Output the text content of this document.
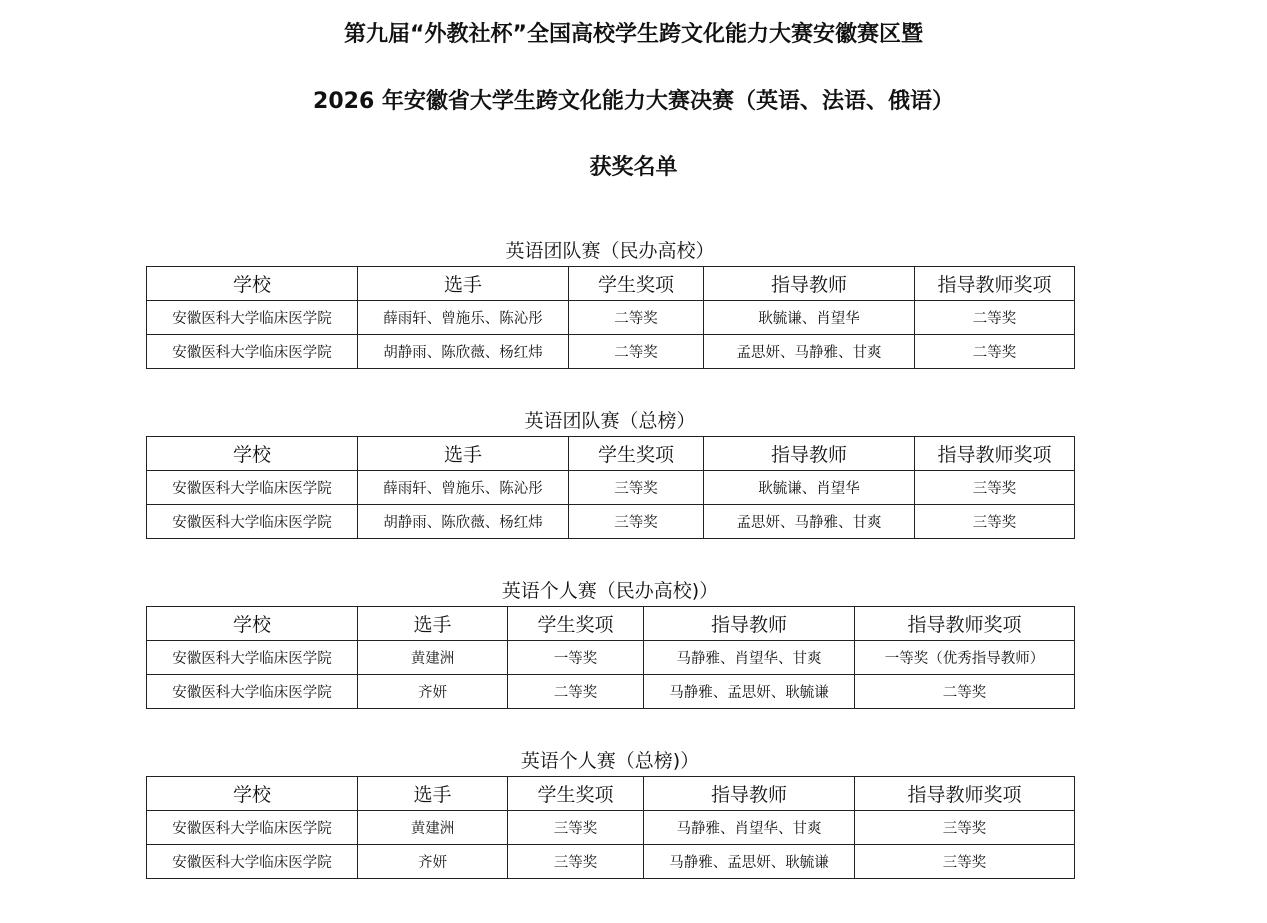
第九届“外教社杯”全国高校学生跨文化能力大赛安徽赛区暨
2026 年安徽省大学生跨文化能力大赛决赛（英语、法语、俄语）
获奖名单
英语团队赛（民办高校）
学校	选手	学生奖项	指导教师	指导教师奖项
安徽医科大学临床医学院	薛雨轩、曾施乐、陈沁彤	二等奖	耿毓谦、肖望华	二等奖
安徽医科大学临床医学院	胡静雨、陈欣薇、杨红炜	二等奖	孟思妍、马静雅、甘爽	二等奖
英语团队赛（总榜）
学校	选手	学生奖项	指导教师	指导教师奖项
安徽医科大学临床医学院	薛雨轩、曾施乐、陈沁彤	三等奖	耿毓谦、肖望华	三等奖
安徽医科大学临床医学院	胡静雨、陈欣薇、杨红炜	三等奖	孟思妍、马静雅、甘爽	三等奖
英语个人赛（民办高校)）
学校	选手	学生奖项	指导教师	指导教师奖项
安徽医科大学临床医学院	黄建洲	一等奖	马静雅、肖望华、甘爽	一等奖（优秀指导教师）
安徽医科大学临床医学院	齐妍	二等奖	马静雅、孟思妍、耿毓谦	二等奖
英语个人赛（总榜)）
学校	选手	学生奖项	指导教师	指导教师奖项
安徽医科大学临床医学院	黄建洲	三等奖	马静雅、肖望华、甘爽	三等奖
安徽医科大学临床医学院	齐妍	三等奖	马静雅、孟思妍、耿毓谦	三等奖
